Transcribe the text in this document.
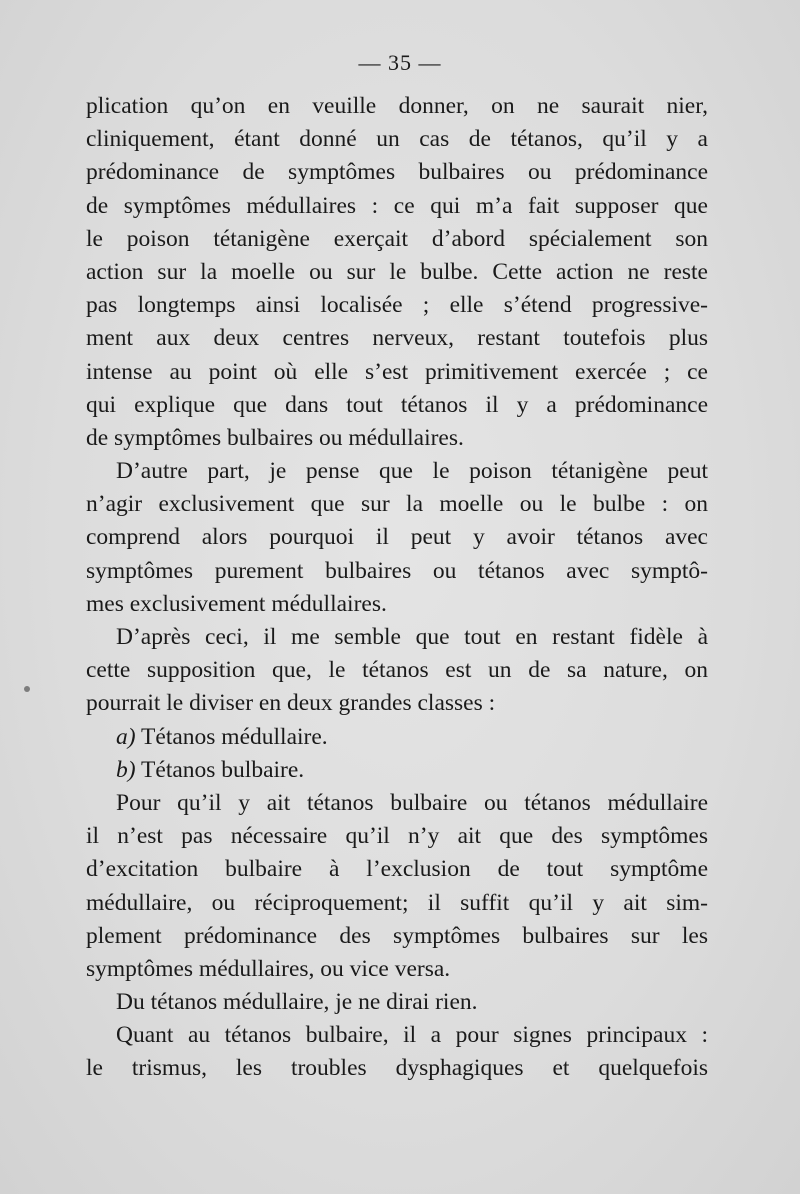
— 35 —
plication qu’on en veuille donner, on ne saurait nier,
cliniquement, étant donné un cas de tétanos, qu’il y a
prédominance de symptômes bulbaires ou prédominance
de symptômes médullaires : ce qui m’a fait supposer que
le poison tétanigène exerçait d’abord spécialement son
action sur la moelle ou sur le bulbe. Cette action ne reste
pas longtemps ainsi localisée ; elle s’étend progressive-
ment aux deux centres nerveux, restant toutefois plus
intense au point où elle s’est primitivement exercée ; ce
qui explique que dans tout tétanos il y a prédominance
de symptômes bulbaires ou médullaires.
D’autre part, je pense que le poison tétanigène peut
n’agir exclusivement que sur la moelle ou le bulbe : on
comprend alors pourquoi il peut y avoir tétanos avec
symptômes purement bulbaires ou tétanos avec symptô-
mes exclusivement médullaires.
D’après ceci, il me semble que tout en restant fidèle à
cette supposition que, le tétanos est un de sa nature, on
pourrait le diviser en deux grandes classes :
a) Tétanos médullaire.
b) Tétanos bulbaire.
Pour qu’il y ait tétanos bulbaire ou tétanos médullaire
il n’est pas nécessaire qu’il n’y ait que des symptômes
d’excitation bulbaire à l’exclusion de tout symptôme
médullaire, ou réciproquement; il suffit qu’il y ait sim-
plement prédominance des symptômes bulbaires sur les
symptômes médullaires, ou vice versa.
Du tétanos médullaire, je ne dirai rien.
Quant au tétanos bulbaire, il a pour signes principaux :
le trismus, les troubles dysphagiques et quelquefois
